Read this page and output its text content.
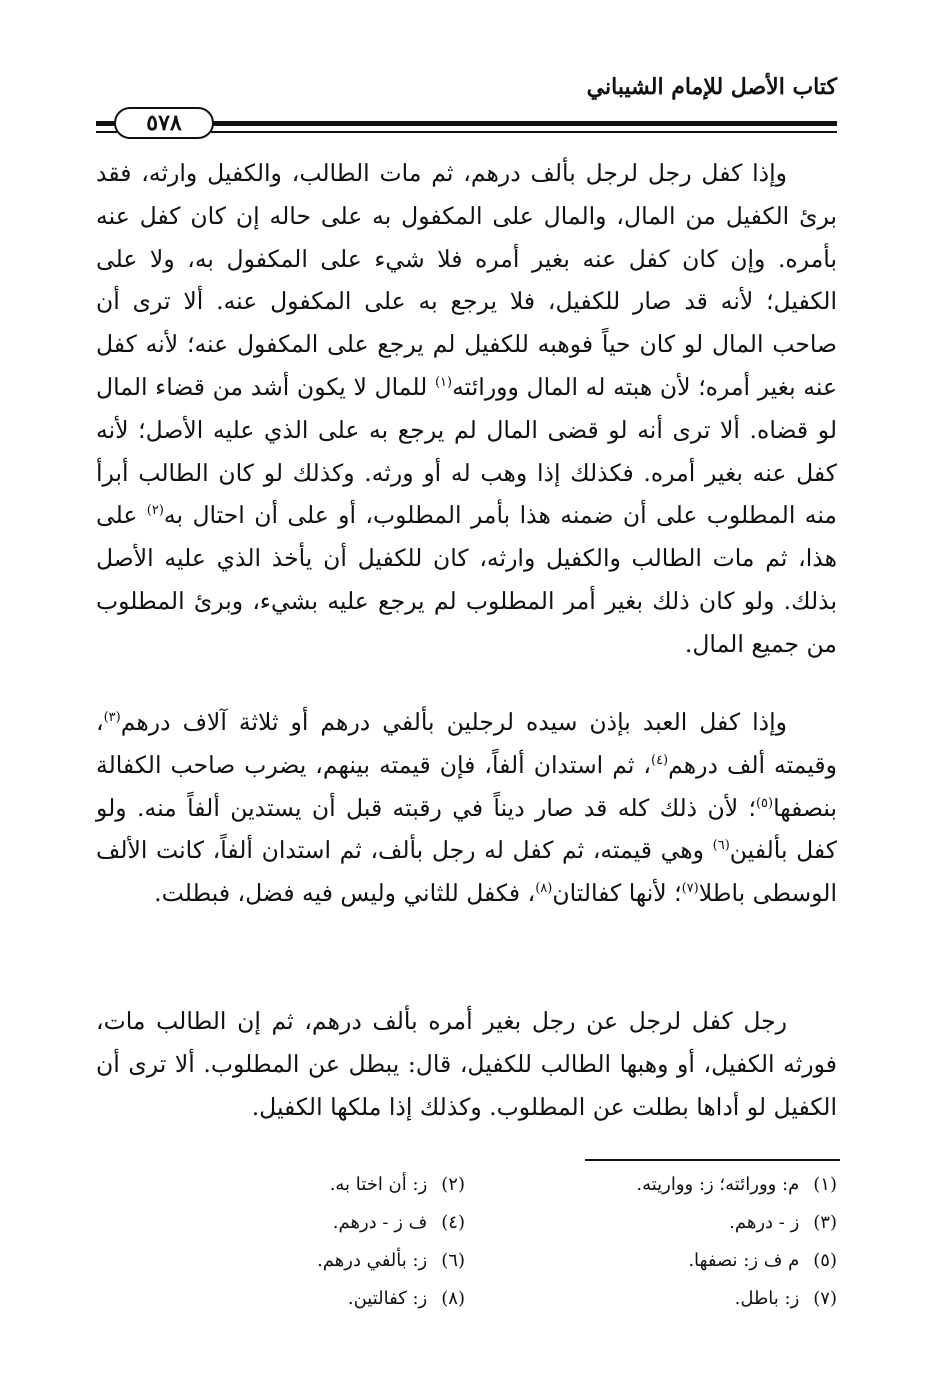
كتاب الأصل للإمام الشيباني
٥٧٨

وإذا كفل رجل لرجل بألف درهم، ثم مات الطالب، والكفيل وارثه، فقد برئ الكفيل من المال، والمال على المكفول به على حاله إن كان كفل عنه بأمره. وإن كان كفل عنه بغير أمره فلا شيء على المكفول به، ولا على الكفيل؛ لأنه قد صار للكفيل، فلا يرجع به على المكفول عنه. ألا ترى أن صاحب المال لو كان حياً فوهبه للكفيل لم يرجع على المكفول عنه؛ لأنه كفل عنه بغير أمره؛ لأن هبته له المال وورائته$^{(١)}$ للمال لا يكون أشد من قضاء المال لو قضاه. ألا ترى أنه لو قضى المال لم يرجع به على الذي عليه الأصل؛ لأنه كفل عنه بغير أمره. فكذلك إذا وهب له أو ورثه. وكذلك لو كان الطالب أبرأ منه المطلوب على أن ضمنه هذا بأمر المطلوب، أو على أن احتال به$^{(٢)}$ على هذا، ثم مات الطالب والكفيل وارثه، كان للكفيل أن يأخذ الذي عليه الأصل بذلك. ولو كان ذلك بغير أمر المطلوب لم يرجع عليه بشيء، وبرئ المطلوب من جميع المال.

وإذا كفل العبد بإذن سيده لرجلين بألفي درهم أو ثلاثة آلاف درهم$^{(٣)}$، وقيمته ألف درهم$^{(٤)}$، ثم استدان ألفاً، فإن قيمته بينهم، يضرب صاحب الكفالة بنصفها$^{(٥)}$؛ لأن ذلك كله قد صار ديناً في رقبته قبل أن يستدين ألفاً منه. ولو كفل بألفين$^{(٦)}$ وهي قيمته، ثم كفل له رجل بألف، ثم استدان ألفاً، كانت الألف الوسطى باطلا$^{(٧)}$؛ لأنها كفالتان$^{(٨)}$، فكفل للثاني وليس فيه فضل، فبطلت.

رجل كفل لرجل عن رجل بغير أمره بألف درهم، ثم إن الطالب مات، فورثه الكفيل، أو وهبها الطالب للكفيل، قال: يبطل عن المطلوب. ألا ترى أن الكفيل لو أداها بطلت عن المطلوب. وكذلك إذا ملكها الكفيل.

(١)م: وورائته؛ ز: وواريته.
(٢)ز: أن اختا به.
(٣)ز - درهم.
(٤)ف ز - درهم.
(٥)م ف ز: نصفها.
(٦)ز: بألفي درهم.
(٧)ز: باطل.
(٨)ز: كفالتين.
